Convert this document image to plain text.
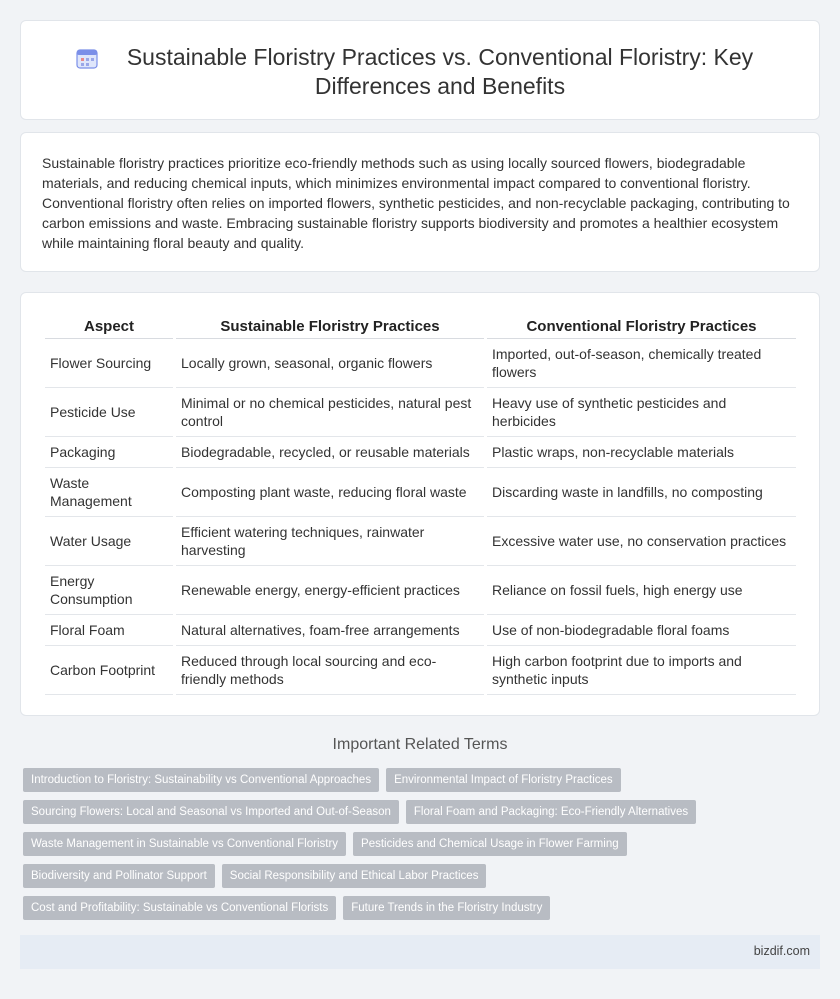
Sustainable Floristry Practices vs. Conventional Floristry: Key Differences and Benefits

Sustainable floristry practices prioritize eco-friendly methods such as using locally sourced flowers, biodegradable materials, and reducing chemical inputs, which minimizes environmental impact compared to conventional floristry. Conventional floristry often relies on imported flowers, synthetic pesticides, and non-recyclable packaging, contributing to carbon emissions and waste. Embracing sustainable floristry supports biodiversity and promotes a healthier ecosystem while maintaining floral beauty and quality.

Aspect	Sustainable Floristry Practices	Conventional Floristry Practices
Flower Sourcing	Locally grown, seasonal, organic flowers	Imported, out-of-season, chemically treated flowers
Pesticide Use	Minimal or no chemical pesticides, natural pest control	Heavy use of synthetic pesticides and herbicides
Packaging	Biodegradable, recycled, or reusable materials	Plastic wraps, non-recyclable materials
Waste Management	Composting plant waste, reducing floral waste	Discarding waste in landfills, no composting
Water Usage	Efficient watering techniques, rainwater harvesting	Excessive water use, no conservation practices
Energy Consumption	Renewable energy, energy-efficient practices	Reliance on fossil fuels, high energy use
Floral Foam	Natural alternatives, foam-free arrangements	Use of non-biodegradable floral foams
Carbon Footprint	Reduced through local sourcing and eco-friendly methods	High carbon footprint due to imports and synthetic inputs
Important Related Terms
Introduction to Floristry: Sustainability vs Conventional Approaches	Environmental Impact of Floristry Practices
Sourcing Flowers: Local and Seasonal vs Imported and Out-of-Season	Floral Foam and Packaging: Eco-Friendly Alternatives
Waste Management in Sustainable vs Conventional Floristry	Pesticides and Chemical Usage in Flower Farming
Biodiversity and Pollinator Support	Social Responsibility and Ethical Labor Practices
Cost and Profitability: Sustainable vs Conventional Florists	Future Trends in the Floristry Industry
bizdif.com
